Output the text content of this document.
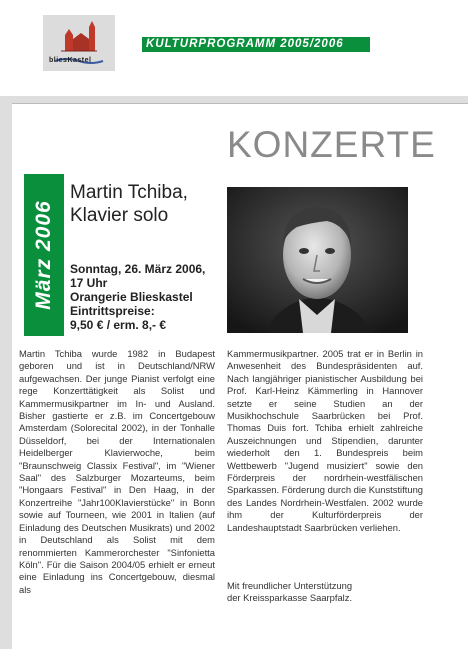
bliesKastel
KULTURPROGRAMM 2005/2006
KONZERTE
März 2006
Martin Tchiba,
Klavier solo
Sonntag, 26. März 2006,
17 Uhr
Orangerie Blieskastel
Eintrittspreise:
9,50 € / erm. 8,- €

Martin Tchiba wurde 1982 in Budapest geboren und ist in Deutschland/NRW aufgewachsen. Der junge Pianist verfolgt eine rege Konzerttätigkeit als Solist und Kammermusikpartner im In- und Ausland. Bisher gastierte er z.B. im Concertgebouw Amsterdam (Solorecital 2002), in der Tonhalle Düsseldorf, bei der Internationalen Heidelberger Klavierwoche, beim "Braunschweig Classix Festival", im "Wiener Saal" des Salzburger Mozarteums, beim "Hongaars Festival" in Den Haag, in der Konzertreihe "Jahr100Klavierstücke" in Bonn sowie auf Tourneen, wie 2001 in Italien (auf Einladung des Deutschen Musikrats) und 2002 in Deutschland als Solist mit dem renommierten Kammerorchester "Sinfonietta Köln". Für die Saison 2004/05 erhielt er erneut eine Einladung ins Concertgebouw, diesmal als

Kammermusikpartner. 2005 trat er in Berlin in Anwesenheit des Bundespräsidenten auf. Nach langjähriger pianistischer Ausbildung bei Prof. Karl-Heinz Kämmerling in Hannover setzte er seine Studien an der Musikhochschule Saarbrücken bei Prof. Thomas Duis fort. Tchiba erhielt zahlreiche Auszeichnungen und Stipendien, darunter wiederholt den 1. Bundespreis beim Wettbewerb "Jugend musiziert" sowie den Förderpreis der nordrhein-westfälischen Sparkassen. Förderung durch die Kunststiftung des Landes Nordrhein-Westfalen. 2002 wurde ihm der Kulturförderpreis der Landeshauptstadt Saarbrücken verliehen.

Mit freundlicher Unterstützung
der Kreissparkasse Saarpfalz.
